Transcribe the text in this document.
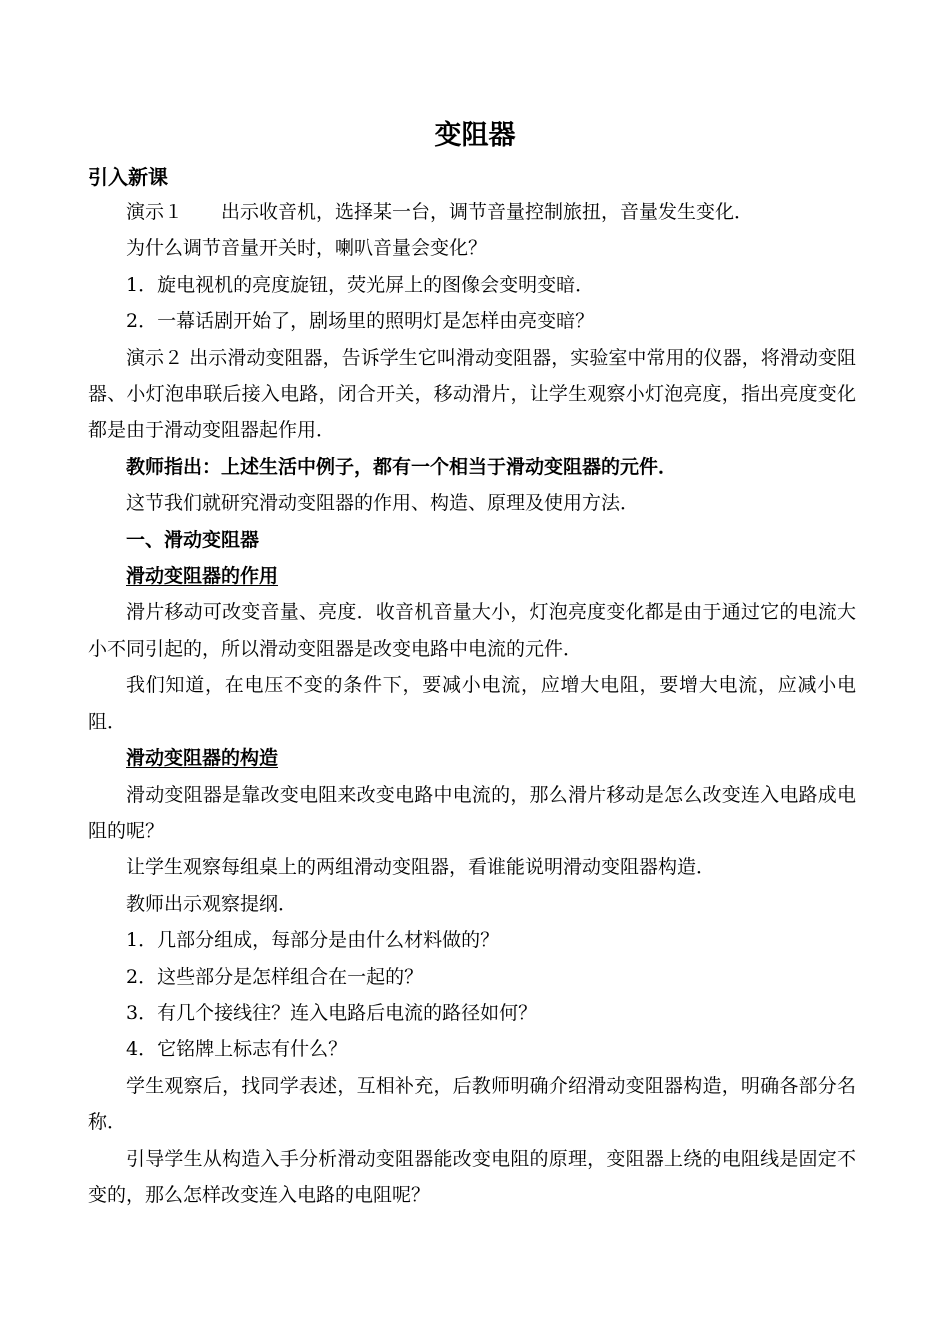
变阻器
引入新课

演示１　　出示收音机，选择某一台，调节音量控制旅扭，音量发生变化．

为什么调节音量开关时，喇叭音量会变化？

1．旋电视机的亮度旋钮，荧光屏上的图像会变明变暗．

2．一幕话剧开始了，剧场里的照明灯是怎样由亮变暗？

演示２ 出示滑动变阻器，告诉学生它叫滑动变阻器，实验室中常用的仪器，将滑动变阻器、小灯泡串联后接入电路，闭合开关，移动滑片，让学生观察小灯泡亮度，指出亮度变化都是由于滑动变阻器起作用．

教师指出：上述生活中例子，都有一个相当于滑动变阻器的元件．

这节我们就研究滑动变阻器的作用、构造、原理及使用方法．

一、滑动变阻器

滑动变阻器的作用

滑片移动可改变音量、亮度．收音机音量大小，灯泡亮度变化都是由于通过它的电流大小不同引起的，所以滑动变阻器是改变电路中电流的元件．

我们知道，在电压不变的条件下，要减小电流，应增大电阻，要增大电流，应减小电阻．

滑动变阻器的构造

滑动变阻器是靠改变电阻来改变电路中电流的，那么滑片移动是怎么改变连入电路成电阻的呢？

让学生观察每组桌上的两组滑动变阻器，看谁能说明滑动变阻器构造．

教师出示观察提纲．

1．几部分组成，每部分是由什么材料做的？

2．这些部分是怎样组合在一起的？

3．有几个接线往？连入电路后电流的路径如何？

4．它铭牌上标志有什么？

学生观察后，找同学表述，互相补充，后教师明确介绍滑动变阻器构造，明确各部分名称．

引导学生从构造入手分析滑动变阻器能改变电阻的原理，变阻器上绕的电阻线是固定不变的，那么怎样改变连入电路的电阻呢？
